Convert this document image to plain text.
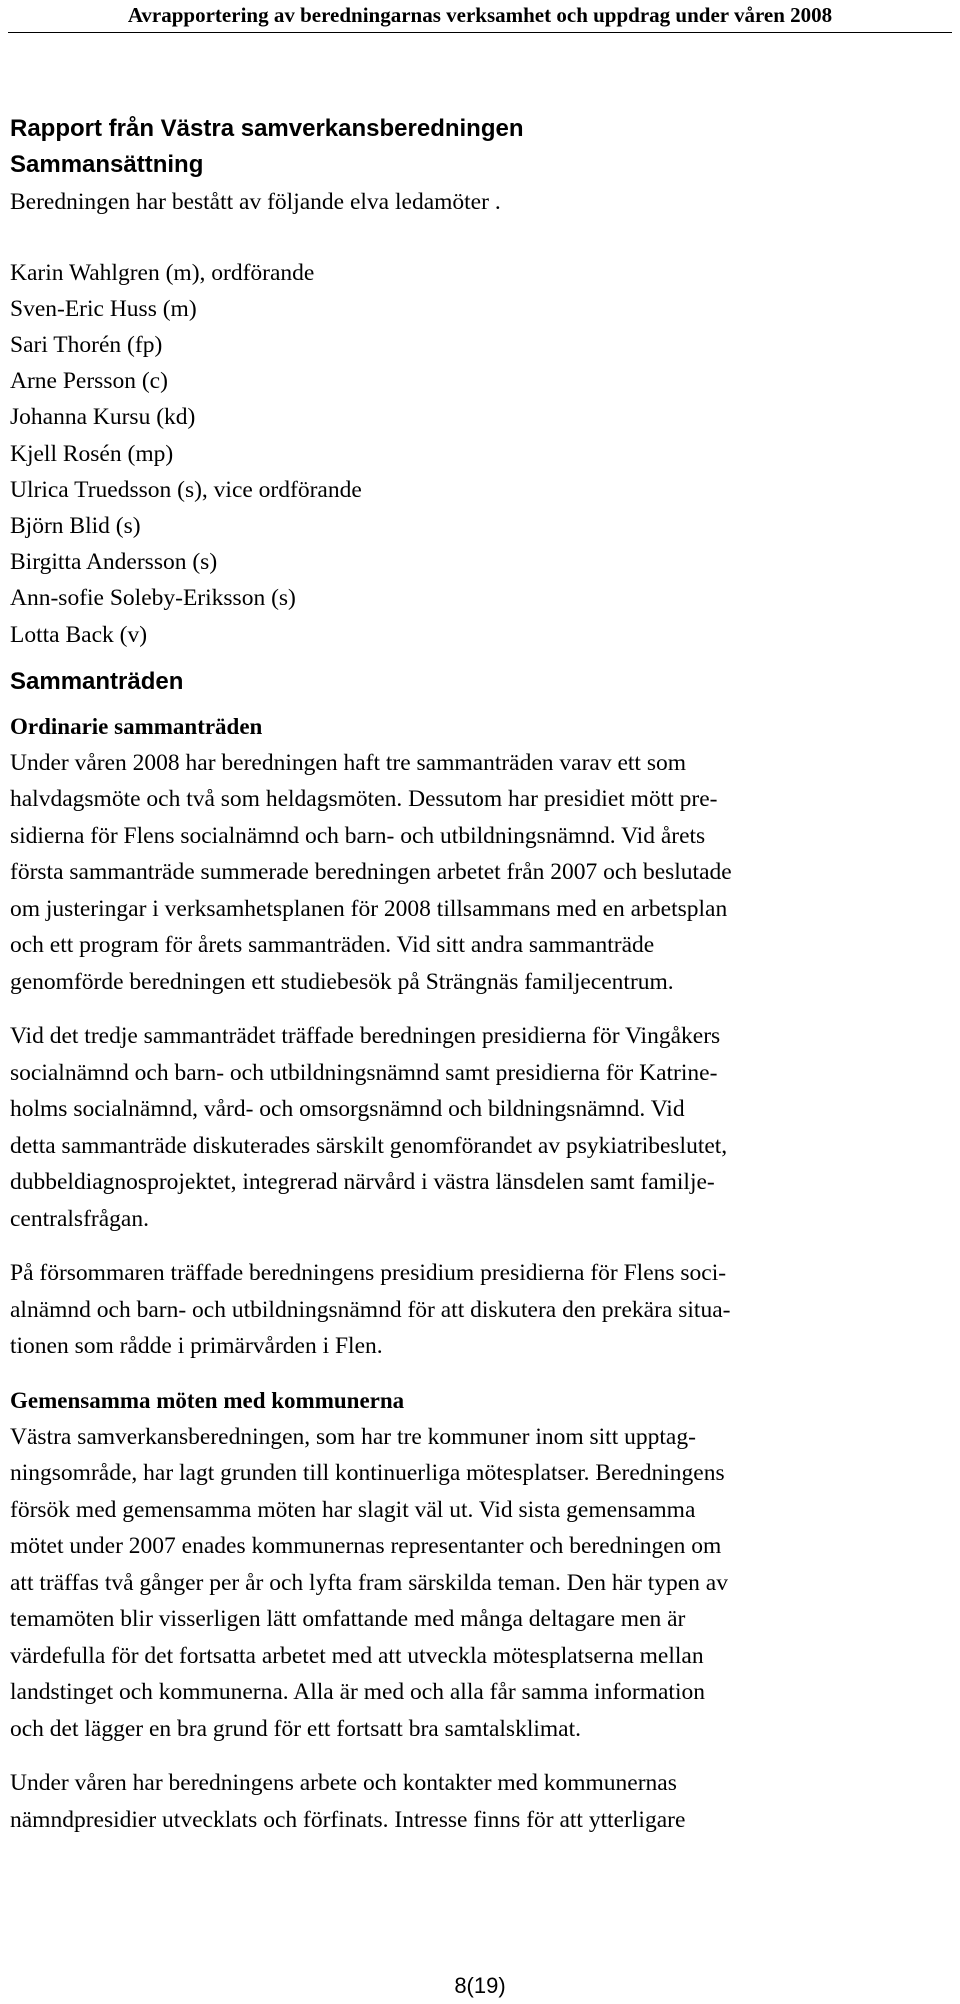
Avrapportering av beredningarnas verksamhet och uppdrag under våren 2008
Rapport från Västra samverkansberedningen
Sammansättning

Beredningen har bestått av följande elva ledamöter .

Karin Wahlgren (m), ordförande
Sven-Eric Huss (m)
Sari Thorén (fp)
Arne Persson (c)
Johanna Kursu (kd)
Kjell Rosén (mp)
Ulrica Truedsson (s), vice ordförande
Björn Blid (s)
Birgitta Andersson (s)
Ann-sofie Soleby-Eriksson (s)
Lotta Back (v)
Sammanträden
Ordinarie sammanträden

Under våren 2008 har beredningen haft tre sammanträden varav ett som
halvdagsmöte och två som heldagsmöten. Dessutom har presidiet mött pre-
sidierna för Flens socialnämnd och barn- och utbildningsnämnd. Vid årets
första sammanträde summerade beredningen arbetet från 2007 och beslutade
om justeringar i verksamhetsplanen för 2008 tillsammans med en arbetsplan
och ett program för årets sammanträden. Vid sitt andra sammanträde
genomförde beredningen ett studiebesök på Strängnäs familjecentrum.

Vid det tredje sammanträdet träffade beredningen presidierna för Vingåkers
socialnämnd och barn- och utbildningsnämnd samt presidierna för Katrine-
holms socialnämnd, vård- och omsorgsnämnd och bildningsnämnd. Vid
detta sammanträde diskuterades särskilt genomförandet av psykiatribeslutet,
dubbeldiagnosprojektet, integrerad närvård i västra länsdelen samt familje-
centralsfrågan.

På försommaren träffade beredningens presidium presidierna för Flens soci-
alnämnd och barn- och utbildningsnämnd för att diskutera den prekära situa-
tionen som rådde i primärvården i Flen.

Gemensamma möten med kommunerna

Västra samverkansberedningen, som har tre kommuner inom sitt upptag-
ningsområde, har lagt grunden till kontinuerliga mötesplatser. Beredningens
försök med gemensamma möten har slagit väl ut. Vid sista gemensamma
mötet under 2007 enades kommunernas representanter och beredningen om
att träffas två gånger per år och lyfta fram särskilda teman. Den här typen av
temamöten blir visserligen lätt omfattande med många deltagare men är
värdefulla för det fortsatta arbetet med att utveckla mötesplatserna mellan
landstinget och kommunerna. Alla är med och alla får samma information
och det lägger en bra grund för ett fortsatt bra samtalsklimat.

Under våren har beredningens arbete och kontakter med kommunernas
nämndpresidier utvecklats och förfinats. Intresse finns för att ytterligare

8(19)
